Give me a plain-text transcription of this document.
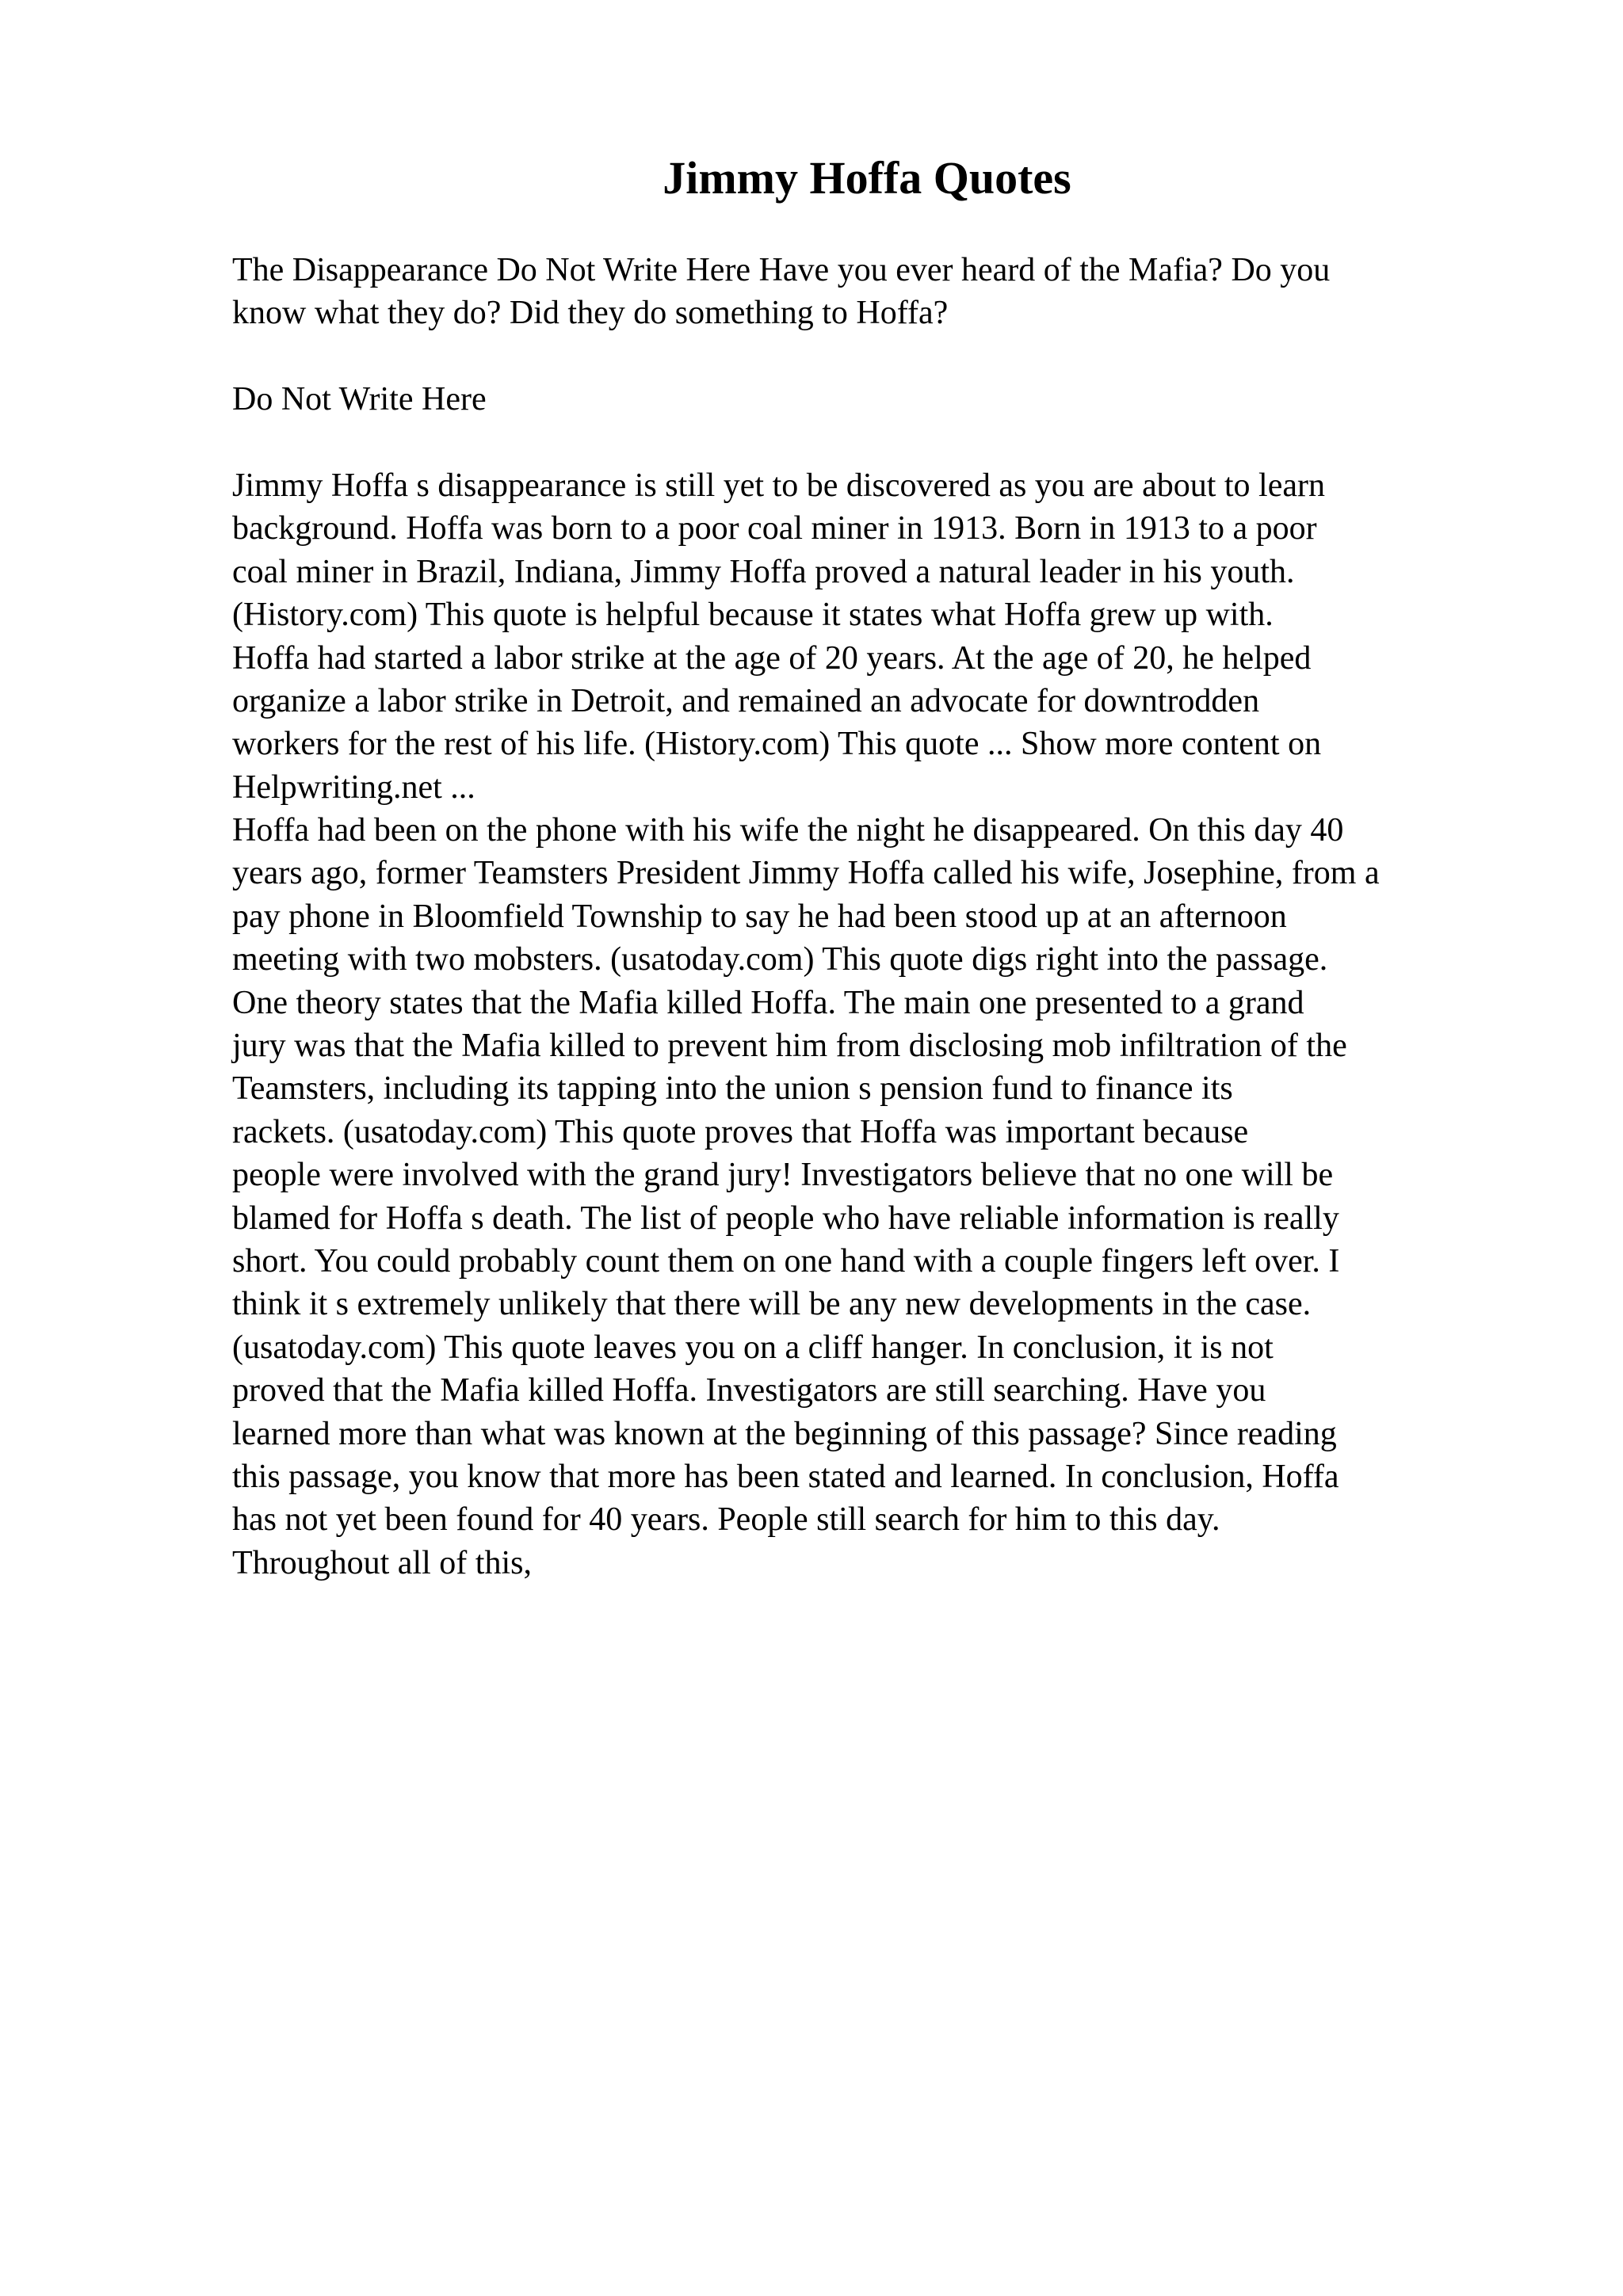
Jimmy Hoffa Quotes
The Disappearance Do Not Write Here Have you ever heard of the Mafia? Do you
know what they do? Did they do something to Hoffa?
Do Not Write Here
Jimmy Hoffa s disappearance is still yet to be discovered as you are about to learn
background. Hoffa was born to a poor coal miner in 1913. Born in 1913 to a poor
coal miner in Brazil, Indiana, Jimmy Hoffa proved a natural leader in his youth.
(History.com) This quote is helpful because it states what Hoffa grew up with.
Hoffa had started a labor strike at the age of 20 years. At the age of 20, he helped
organize a labor strike in Detroit, and remained an advocate for downtrodden
workers for the rest of his life. (History.com) This quote ... Show more content on
Helpwriting.net ...
Hoffa had been on the phone with his wife the night he disappeared. On this day 40
years ago, former Teamsters President Jimmy Hoffa called his wife, Josephine, from a
pay phone in Bloomfield Township to say he had been stood up at an afternoon
meeting with two mobsters. (usatoday.com) This quote digs right into the passage.
One theory states that the Mafia killed Hoffa. The main one presented to a grand
jury was that the Mafia killed to prevent him from disclosing mob infiltration of the
Teamsters, including its tapping into the union s pension fund to finance its
rackets. (usatoday.com) This quote proves that Hoffa was important because
people were involved with the grand jury! Investigators believe that no one will be
blamed for Hoffa s death. The list of people who have reliable information is really
short. You could probably count them on one hand with a couple fingers left over. I
think it s extremely unlikely that there will be any new developments in the case.
(usatoday.com) This quote leaves you on a cliff hanger. In conclusion, it is not
proved that the Mafia killed Hoffa. Investigators are still searching. Have you
learned more than what was known at the beginning of this passage? Since reading
this passage, you know that more has been stated and learned. In conclusion, Hoffa
has not yet been found for 40 years. People still search for him to this day.
Throughout all of this,
